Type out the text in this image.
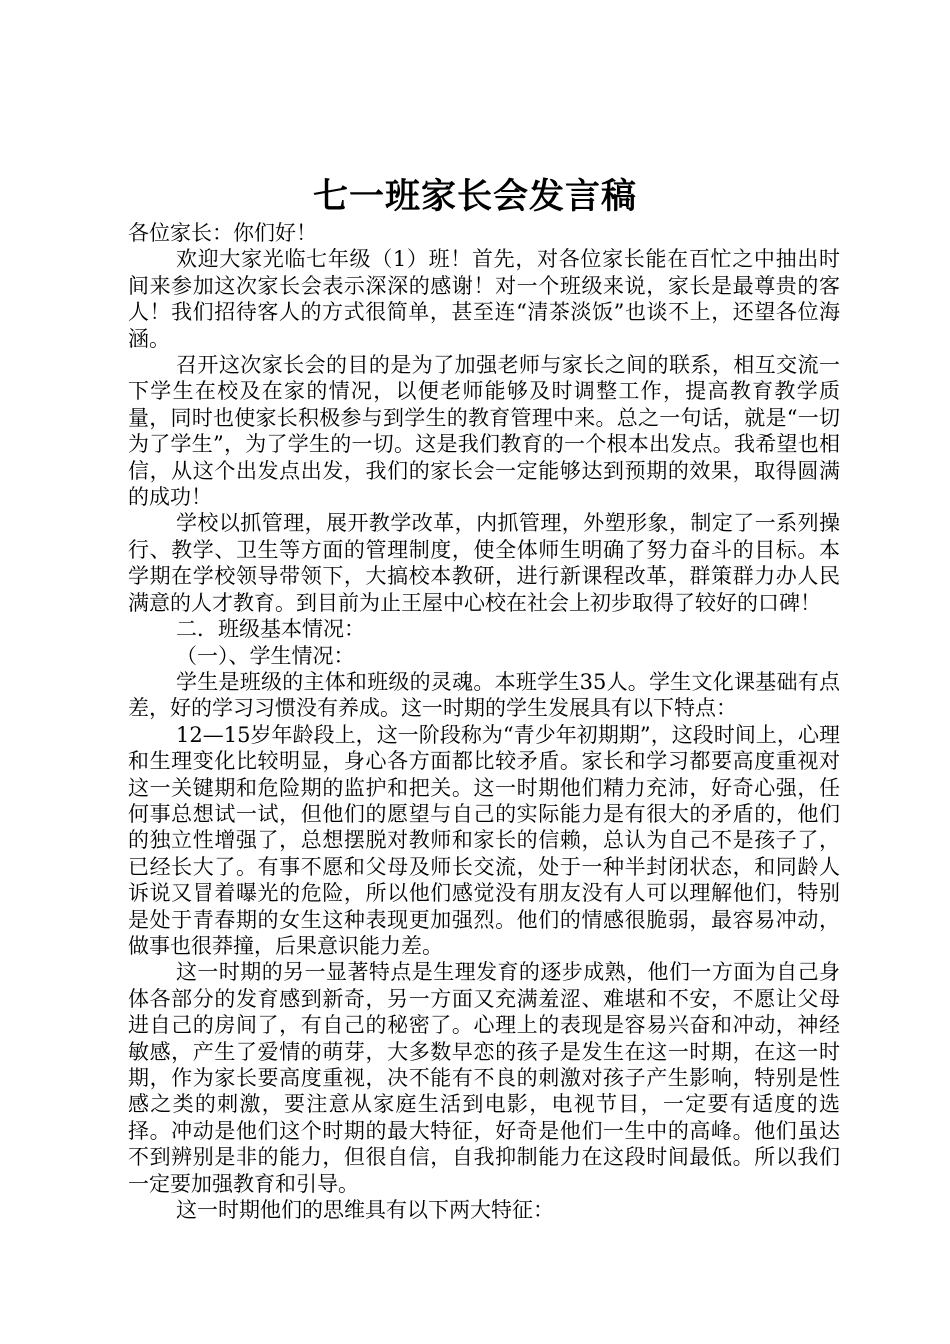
七一班家长会发言稿

各位家长：你们好！

欢迎大家光临七年级（1）班！首先，对各位家长能在百忙之中抽出时间来参加这次家长会表示深深的感谢！对一个班级来说，家长是最尊贵的客人！我们招待客人的方式很简单，甚至连“清茶淡饭”也谈不上，还望各位海涵。

召开这次家长会的目的是为了加强老师与家长之间的联系，相互交流一下学生在校及在家的情况，以便老师能够及时调整工作，提高教育教学质量，同时也使家长积极参与到学生的教育管理中来。总之一句话，就是“一切为了学生”，为了学生的一切。这是我们教育的一个根本出发点。我希望也相信，从这个出发点出发，我们的家长会一定能够达到预期的效果，取得圆满的成功！

学校以抓管理，展开教学改革，内抓管理，外塑形象，制定了一系列操行、教学、卫生等方面的管理制度，使全体师生明确了努力奋斗的目标。本学期在学校领导带领下，大搞校本教研，进行新课程改革，群策群力办人民满意的人才教育。到目前为止王屋中心校在社会上初步取得了较好的口碑！

二．班级基本情况：

（一）、学生情况：

学生是班级的主体和班级的灵魂。本班学生35人。学生文化课基础有点差，好的学习习惯没有养成。这一时期的学生发展具有以下特点：

12—15岁年龄段上，这一阶段称为“青少年初期期”，这段时间上，心理和生理变化比较明显，身心各方面都比较矛盾。家长和学习都要高度重视对这一关键期和危险期的监护和把关。这一时期他们精力充沛，好奇心强，任何事总想试一试，但他们的愿望与自己的实际能力是有很大的矛盾的，他们的独立性增强了，总想摆脱对教师和家长的信赖，总认为自己不是孩子了，已经长大了。有事不愿和父母及师长交流，处于一种半封闭状态，和同龄人诉说又冒着曝光的危险，所以他们感觉没有朋友没有人可以理解他们，特别是处于青春期的女生这种表现更加强烈。他们的情感很脆弱，最容易冲动，做事也很莽撞，后果意识能力差。

这一时期的另一显著特点是生理发育的逐步成熟，他们一方面为自己身体各部分的发育感到新奇，另一方面又充满羞涩、难堪和不安，不愿让父母进自己的房间了，有自己的秘密了。心理上的表现是容易兴奋和冲动，神经敏感，产生了爱情的萌芽，大多数早恋的孩子是发生在这一时期，在这一时期，作为家长要高度重视，决不能有不良的刺激对孩子产生影响，特别是性感之类的刺激，要注意从家庭生活到电影，电视节目，一定要有适度的选择。冲动是他们这个时期的最大特征，好奇是他们一生中的高峰。他们虽达不到辨别是非的能力，但很自信，自我抑制能力在这段时间最低。所以我们一定要加强教育和引导。

这一时期他们的思维具有以下两大特征：
